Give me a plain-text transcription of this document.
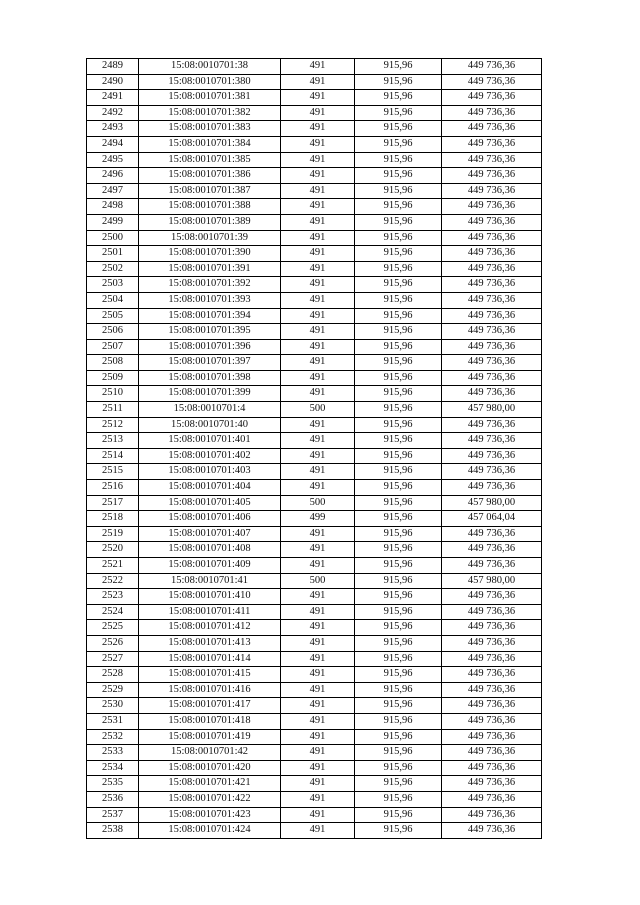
2489	15:08:0010701:38	491	915,96	449 736,36
2490	15:08:0010701:380	491	915,96	449 736,36
2491	15:08:0010701:381	491	915,96	449 736,36
2492	15:08:0010701:382	491	915,96	449 736,36
2493	15:08:0010701:383	491	915,96	449 736,36
2494	15:08:0010701:384	491	915,96	449 736,36
2495	15:08:0010701:385	491	915,96	449 736,36
2496	15:08:0010701:386	491	915,96	449 736,36
2497	15:08:0010701:387	491	915,96	449 736,36
2498	15:08:0010701:388	491	915,96	449 736,36
2499	15:08:0010701:389	491	915,96	449 736,36
2500	15:08:0010701:39	491	915,96	449 736,36
2501	15:08:0010701:390	491	915,96	449 736,36
2502	15:08:0010701:391	491	915,96	449 736,36
2503	15:08:0010701:392	491	915,96	449 736,36
2504	15:08:0010701:393	491	915,96	449 736,36
2505	15:08:0010701:394	491	915,96	449 736,36
2506	15:08:0010701:395	491	915,96	449 736,36
2507	15:08:0010701:396	491	915,96	449 736,36
2508	15:08:0010701:397	491	915,96	449 736,36
2509	15:08:0010701:398	491	915,96	449 736,36
2510	15:08:0010701:399	491	915,96	449 736,36
2511	15:08:0010701:4	500	915,96	457 980,00
2512	15:08:0010701:40	491	915,96	449 736,36
2513	15:08:0010701:401	491	915,96	449 736,36
2514	15:08:0010701:402	491	915,96	449 736,36
2515	15:08:0010701:403	491	915,96	449 736,36
2516	15:08:0010701:404	491	915,96	449 736,36
2517	15:08:0010701:405	500	915,96	457 980,00
2518	15:08:0010701:406	499	915,96	457 064,04
2519	15:08:0010701:407	491	915,96	449 736,36
2520	15:08:0010701:408	491	915,96	449 736,36
2521	15:08:0010701:409	491	915,96	449 736,36
2522	15:08:0010701:41	500	915,96	457 980,00
2523	15:08:0010701:410	491	915,96	449 736,36
2524	15:08:0010701:411	491	915,96	449 736,36
2525	15:08:0010701:412	491	915,96	449 736,36
2526	15:08:0010701:413	491	915,96	449 736,36
2527	15:08:0010701:414	491	915,96	449 736,36
2528	15:08:0010701:415	491	915,96	449 736,36
2529	15:08:0010701:416	491	915,96	449 736,36
2530	15:08:0010701:417	491	915,96	449 736,36
2531	15:08:0010701:418	491	915,96	449 736,36
2532	15:08:0010701:419	491	915,96	449 736,36
2533	15:08:0010701:42	491	915,96	449 736,36
2534	15:08:0010701:420	491	915,96	449 736,36
2535	15:08:0010701:421	491	915,96	449 736,36
2536	15:08:0010701:422	491	915,96	449 736,36
2537	15:08:0010701:423	491	915,96	449 736,36
2538	15:08:0010701:424	491	915,96	449 736,36
